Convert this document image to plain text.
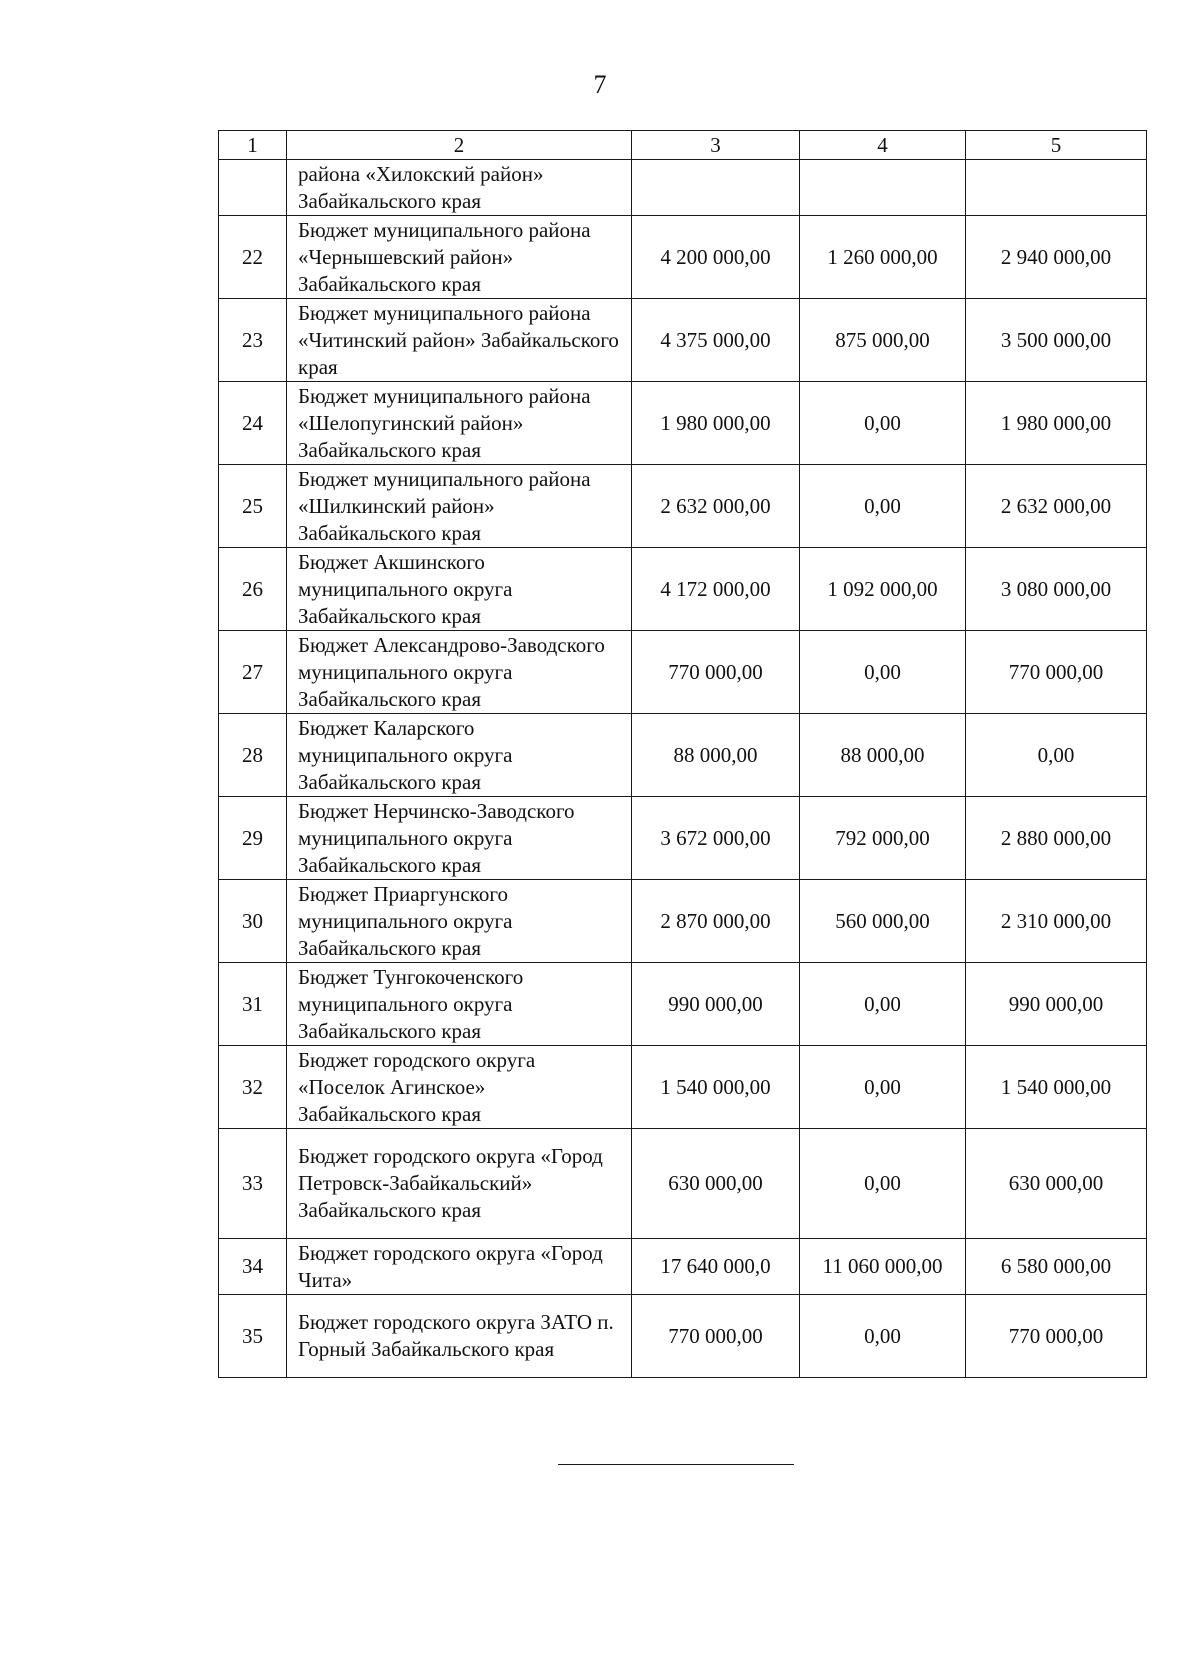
7
1	2	3	4	5
	района «Хилокский район» Забайкальского края			
22	Бюджет муниципального района «Чернышевский район» Забайкальского края	4 200 000,00	1 260 000,00	2 940 000,00
23	Бюджет муниципального района «Читинский район» Забайкальского края	4 375 000,00	875 000,00	3 500 000,00
24	Бюджет муниципального района «Шелопугинский район» Забайкальского края	1 980 000,00	0,00	1 980 000,00
25	Бюджет муниципального района «Шилкинский район» Забайкальского края	2 632 000,00	0,00	2 632 000,00
26	Бюджет Акшинского муниципального округа Забайкальского края	4 172 000,00	1 092 000,00	3 080 000,00
27	Бюджет Александрово-Заводского муниципального округа Забайкальского края	770 000,00	0,00	770 000,00
28	Бюджет Каларского муниципального округа Забайкальского края	88 000,00	88 000,00	0,00
29	Бюджет Нерчинско-Заводского муниципального округа Забайкальского края	3 672 000,00	792 000,00	2 880 000,00
30	Бюджет Приаргунского муниципального округа Забайкальского края	2 870 000,00	560 000,00	2 310 000,00
31	Бюджет Тунгокоченского муниципального округа Забайкальского края	990 000,00	0,00	990 000,00
32	Бюджет городского округа «Поселок Агинское» Забайкальского края	1 540 000,00	0,00	1 540 000,00
33	Бюджет городского округа «Город Петровск-Забайкальский» Забайкальского края	630 000,00	0,00	630 000,00
34	Бюджет городского округа «Город Чита»	17 640 000,0	11 060 000,00	6 580 000,00
35	Бюджет городского округа ЗАТО п. Горный Забайкальского края	770 000,00	0,00	770 000,00
